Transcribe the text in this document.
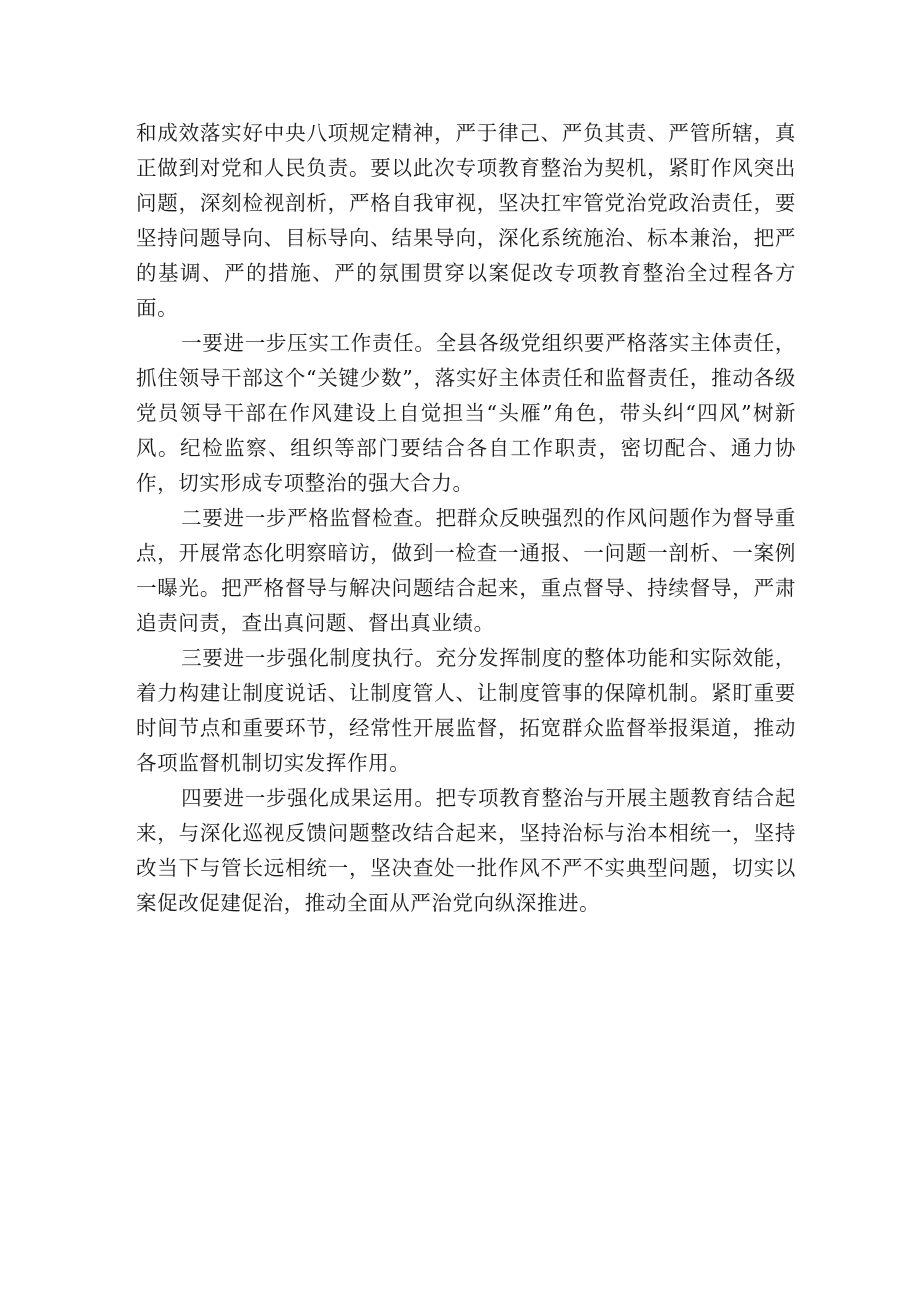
和成效落实好中央八项规定精神，严于律己、严负其责、严管所辖，真正做到对党和人民负责。要以此次专项教育整治为契机，紧盯作风突出问题，深刻检视剖析，严格自我审视，坚决扛牢管党治党政治责任，要坚持问题导向、目标导向、结果导向，深化系统施治、标本兼治，把严的基调、严的措施、严的氛围贯穿以案促改专项教育整治全过程各方面。

一要进一步压实工作责任。全县各级党组织要严格落实主体责任，抓住领导干部这个“关键少数”，落实好主体责任和监督责任，推动各级党员领导干部在作风建设上自觉担当“头雁”角色，带头纠“四风”树新风。纪检监察、组织等部门要结合各自工作职责，密切配合、通力协作，切实形成专项整治的强大合力。

二要进一步严格监督检查。把群众反映强烈的作风问题作为督导重点，开展常态化明察暗访，做到一检查一通报、一问题一剖析、一案例一曝光。把严格督导与解决问题结合起来，重点督导、持续督导，严肃追责问责，查出真问题、督出真业绩。

三要进一步强化制度执行。充分发挥制度的整体功能和实际效能，着力构建让制度说话、让制度管人、让制度管事的保障机制。紧盯重要时间节点和重要环节，经常性开展监督，拓宽群众监督举报渠道，推动各项监督机制切实发挥作用。

四要进一步强化成果运用。把专项教育整治与开展主题教育结合起来，与深化巡视反馈问题整改结合起来，坚持治标与治本相统一，坚持改当下与管长远相统一，坚决查处一批作风不严不实典型问题，切实以案促改促建促治，推动全面从严治党向纵深推进。
